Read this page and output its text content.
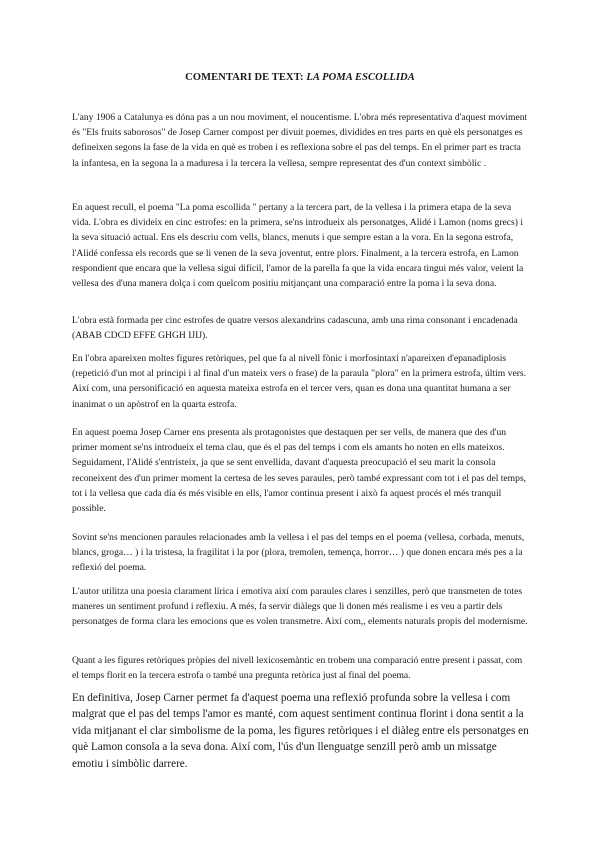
COMENTARI DE TEXT: LA POMA ESCOLLIDA

L'any 1906 a Catalunya es dóna pas a un nou moviment, el noucentisme. L'obra més representativa d'aquest moviment és "Els fruits saborosos" de Josep Carner compost per divuit poemes, dividides en tres parts en què els personatges es defineixen segons la fase de la vida en què es troben i es reflexiona sobre el pas del temps. En el primer part es tracta la infantesa, en la segona la a maduresa i la tercera la vellesa, sempre representat des d'un context simbòlic .

En aquest recull, el poema "La poma escollida " pertany a la tercera part, de la vellesa i la primera etapa de la seva vida. L'obra es divideix en cinc estrofes: en la primera, se'ns introdueix als personatges, Alidé i Lamon (noms grecs) i la seva situació actual. Ens els descriu com vells, blancs, menuts i que sempre estan a la vora. En la segona estrofa, l'Alidé confessa els records que se li venen de la seva joventut, entre plors. Finalment, a la tercera estrofa, en Lamon respondient que encara que la vellesa sigui difícil, l'amor de la parella fa que la vida encara tingui més valor, veient la vellesa des d'una manera dolça i com quelcom positiu mitjançant una comparació entre la poma i la seva dona.

L'obra està formada per cinc estrofes de quatre versos alexandrins cadascuna, amb una rima consonant i encadenada (ABAB CDCD EFFE GHGH IJIJ).

En l'obra apareixen moltes figures retòriques, pel que fa al nivell fònic i morfosintaxi n'apareixen d'epanadiplosis (repetició d'un mot al principi i al final d'un mateix vers o frase) de la paraula "plora" en la primera estrofa, últim vers. Així com, una personificació en aquesta mateixa estrofa en el tercer vers, quan es dona una quantitat humana a ser inanimat o un apòstrof en la quarta estrofa.

En aquest poema Josep Carner ens presenta als protagonistes que destaquen per ser vells, de manera que des d'un primer moment se'ns introdueix el tema clau, que és el pas del temps i com els amants ho noten en ells mateixos. Seguidament, l'Alidé s'entristeix, ja que se sent envellida, davant d'aquesta preocupació el seu marit la consola reconeixent des d'un primer moment la certesa de les seves paraules, però també expressant com tot i el pas del temps, tot i la vellesa que cada dia és més visible en ells, l'amor continua present i això fa aquest procés el més tranquil possible.

Sovint se'ns mencionen paraules relacionades amb la vellesa i el pas del temps en el poema (vellesa, corbada, menuts, blancs, groga… ) i la tristesa, la fragilitat i la por (plora, tremolen, temença, horror… ) que donen encara més pes a la reflexió del poema.

L'autor utilitza una poesia clarament lírica i emotiva així com paraules clares i senzilles, però que transmeten de totes maneres un sentiment profund i reflexiu. A més, fa servir diàlegs que li donen més realisme i es veu a partir dels personatges de forma clara les emocions que es volen transmetre. Així com,, elements naturals propis del modernisme.

Quant a les figures retòriques pròpies del nivell lexicosemàntic en trobem una comparació entre present i passat, com el temps florit en la tercera estrofa o també una pregunta retòrica just al final del poema.

En definitiva, Josep Carner permet fa d'aquest poema una reflexió profunda sobre la vellesa i com malgrat que el pas del temps l'amor es manté, com aquest sentiment continua florint i dona sentit a la vida mitjanant el clar simbolisme de la poma, les figures retòriques i el diàleg entre els personatges en què Lamon consola a la seva dona. Així com, l'ús d'un llenguatge senzill però amb un missatge emotiu i simbòlic darrere.
